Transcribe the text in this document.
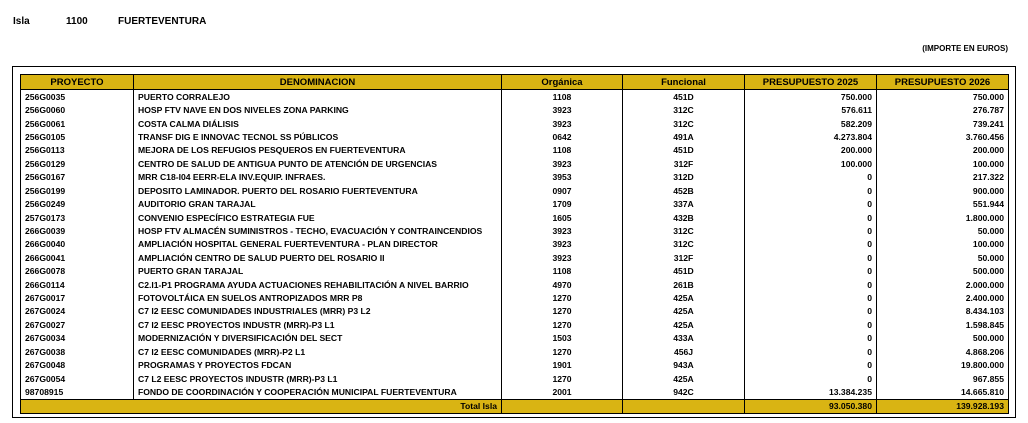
Isla	1100	FUERTEVENTURA
(IMPORTE EN EUROS)
PROYECTO	DENOMINACION	Orgánica	Funcional	PRESUPUESTO 2025	PRESUPUESTO 2026
256G0035	PUERTO CORRALEJO	1108	451D	750.000	750.000
256G0060	HOSP FTV NAVE EN DOS NIVELES ZONA PARKING	3923	312C	576.611	276.787
256G0061	COSTA CALMA DIÁLISIS	3923	312C	582.209	739.241
256G0105	TRANSF DIG E INNOVAC TECNOL SS PÚBLICOS	0642	491A	4.273.804	3.760.456
256G0113	MEJORA DE LOS REFUGIOS PESQUEROS EN FUERTEVENTURA	1108	451D	200.000	200.000
256G0129	CENTRO DE SALUD DE ANTIGUA PUNTO DE ATENCIÓN DE URGENCIAS	3923	312F	100.000	100.000
256G0167	MRR C18-I04 EERR-ELA INV.EQUIP. INFRAES.	3953	312D	0	217.322
256G0199	DEPOSITO LAMINADOR. PUERTO DEL ROSARIO FUERTEVENTURA	0907	452B	0	900.000
256G0249	AUDITORIO GRAN TARAJAL	1709	337A	0	551.944
257G0173	CONVENIO ESPECÍFICO ESTRATEGIA FUE	1605	432B	0	1.800.000
266G0039	HOSP FTV ALMACÉN SUMINISTROS - TECHO, EVACUACIÓN Y CONTRAINCENDIOS	3923	312C	0	50.000
266G0040	AMPLIACIÓN HOSPITAL GENERAL FUERTEVENTURA - PLAN DIRECTOR	3923	312C	0	100.000
266G0041	AMPLIACIÓN CENTRO DE SALUD PUERTO DEL ROSARIO II	3923	312F	0	50.000
266G0078	PUERTO GRAN TARAJAL	1108	451D	0	500.000
266G0114	C2.I1-P1 PROGRAMA AYUDA ACTUACIONES REHABILITACIÓN A NIVEL BARRIO	4970	261B	0	2.000.000
267G0017	FOTOVOLTÁICA EN SUELOS ANTROPIZADOS MRR P8	1270	425A	0	2.400.000
267G0024	C7 I2 EESC COMUNIDADES INDUSTRIALES (MRR) P3 L2	1270	425A	0	8.434.103
267G0027	C7 I2 EESC PROYECTOS INDUSTR (MRR)-P3 L1	1270	425A	0	1.598.845
267G0034	MODERNIZACIÓN Y DIVERSIFICACIÓN DEL SECT	1503	433A	0	500.000
267G0038	C7 I2 EESC COMUNIDADES (MRR)-P2 L1	1270	456J	0	4.868.206
267G0048	PROGRAMAS Y PROYECTOS FDCAN	1901	943A	0	19.800.000
267G0054	C7 L2 EESC PROYECTOS INDUSTR (MRR)-P3 L1	1270	425A	0	967.855
98708915	FONDO DE COORDINACIÓN Y COOPERACIÓN MUNICIPAL FUERTEVENTURA	2001	942C	13.384.235	14.665.810
Total Isla				93.050.380	139.928.193
